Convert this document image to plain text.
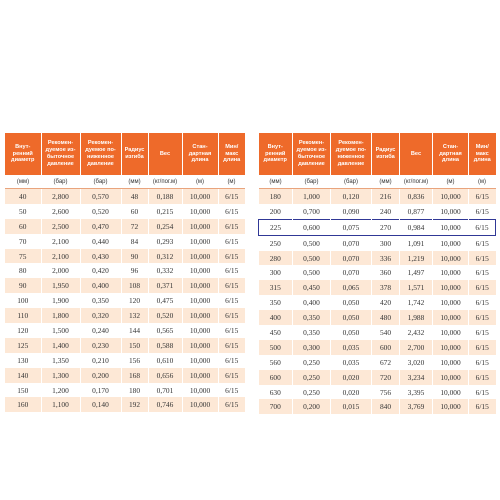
Внут-
ренний
диаметр	Рекомен-
дуемое из-
быточное
давление	Рекомен-
дуемое по-
ниженное
давление	Радиус
изгиба	Вес	Стан-
дартная
длина	Мин/
макс
длина
(мм)	(бар)	(бар)	(мм)	(кг/пог.м)	(м)	(м)
40	2,800	0,570	48	0,188	10,000	6/15
50	2,600	0,520	60	0,215	10,000	6/15
60	2,500	0,470	72	0,254	10,000	6/15
70	2,100	0,440	84	0,293	10,000	6/15
75	2,100	0,430	90	0,312	10,000	6/15
80	2,000	0,420	96	0,332	10,000	6/15
90	1,950	0,400	108	0,371	10,000	6/15
100	1,900	0,350	120	0,475	10,000	6/15
110	1,800	0,320	132	0,520	10,000	6/15
120	1,500	0,240	144	0,565	10,000	6/15
125	1,400	0,230	150	0,588	10,000	6/15
130	1,350	0,210	156	0,610	10,000	6/15
140	1,300	0,200	168	0,656	10,000	6/15
150	1,200	0,170	180	0,701	10,000	6/15
160	1,100	0,140	192	0,746	10,000	6/15
Внут-
ренний
диаметр	Рекомен-
дуемое из-
быточное
давление	Рекомен-
дуемое по-
ниженное
давление	Радиус
изгиба	Вес	Стан-
дартная
длина	Мин/
макс
длина
(мм)	(бар)	(бар)	(мм)	(кг/пог.м)	(м)	(м)
180	1,000	0,120	216	0,836	10,000	6/15
200	0,700	0,090	240	0,877	10,000	6/15
225	0,600	0,075	270	0,984	10,000	6/15
250	0,500	0,070	300	1,091	10,000	6/15
280	0,500	0,070	336	1,219	10,000	6/15
300	0,500	0,070	360	1,497	10,000	6/15
315	0,450	0,065	378	1,571	10,000	6/15
350	0,400	0,050	420	1,742	10,000	6/15
400	0,350	0,050	480	1,988	10,000	6/15
450	0,350	0,050	540	2,432	10,000	6/15
500	0,300	0,035	600	2,700	10,000	6/15
560	0,250	0,035	672	3,020	10,000	6/15
600	0,250	0,020	720	3,234	10,000	6/15
630	0,250	0,020	756	3,395	10,000	6/15
700	0,200	0,015	840	3,769	10,000	6/15
